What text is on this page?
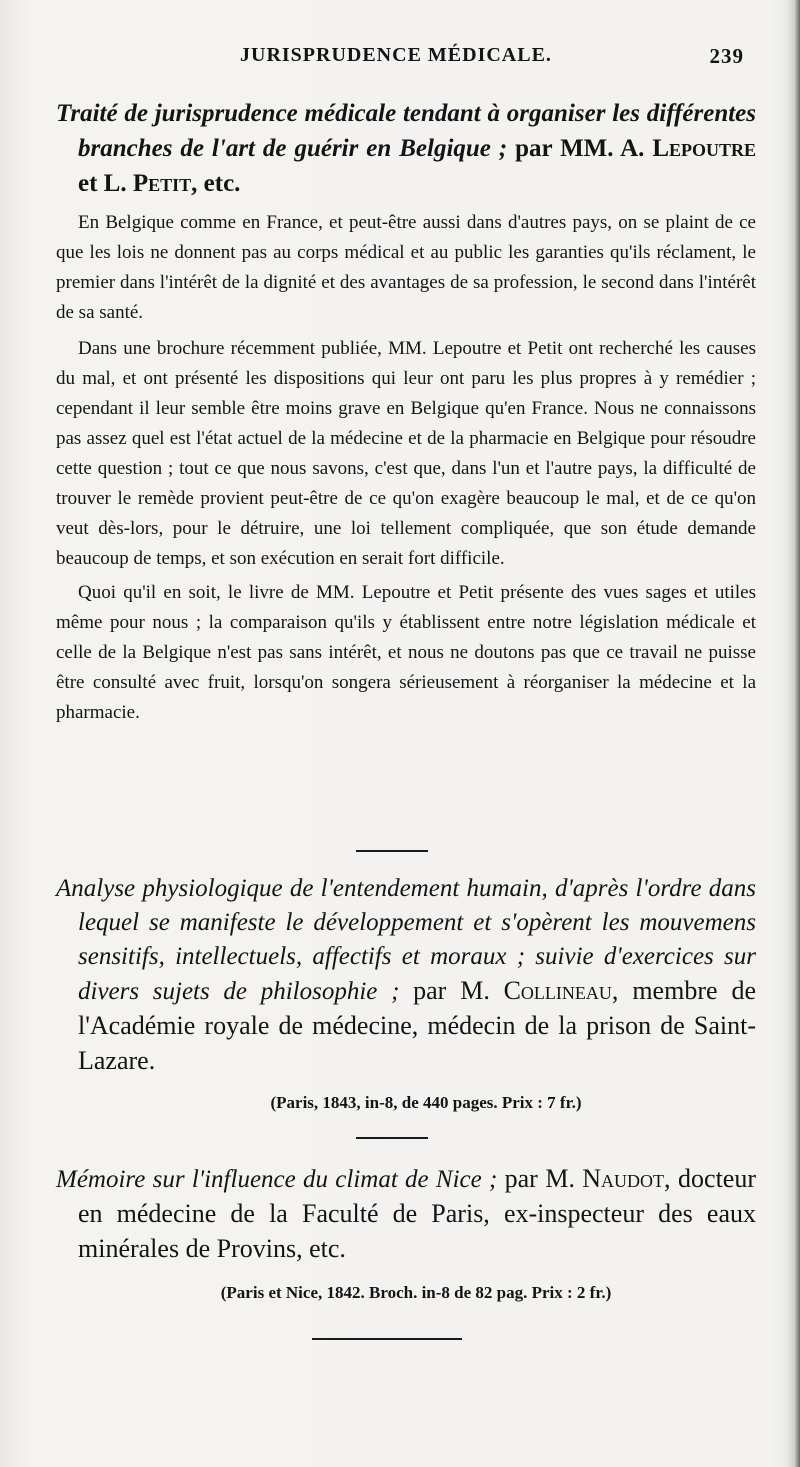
JURISPRUDENCE MÉDICALE.	239

Traité de jurisprudence médicale tendant à organiser les différentes branches de l'art de guérir en Belgique ; par MM. A. Lepoutre et L. Petit, etc.

En Belgique comme en France, et peut-être aussi dans d'autres pays, on se plaint de ce que les lois ne donnent pas au corps médical et au public les garanties qu'ils réclament, le premier dans l'intérêt de la dignité et des avantages de sa profession, le second dans l'intérêt de sa santé.

Dans une brochure récemment publiée, MM. Lepoutre et Petit ont recherché les causes du mal, et ont présenté les dispositions qui leur ont paru les plus propres à y remédier ; cependant il leur semble être moins grave en Belgique qu'en France. Nous ne connaissons pas assez quel est l'état actuel de la médecine et de la pharmacie en Belgique pour résoudre cette question ; tout ce que nous savons, c'est que, dans l'un et l'autre pays, la difficulté de trouver le remède provient peut-être de ce qu'on exagère beaucoup le mal, et de ce qu'on veut dès-lors, pour le détruire, une loi tellement compliquée, que son étude demande beaucoup de temps, et son exécution en serait fort difficile.

Quoi qu'il en soit, le livre de MM. Lepoutre et Petit présente des vues sages et utiles même pour nous ; la comparaison qu'ils y établissent entre notre législation médicale et celle de la Belgique n'est pas sans intérêt, et nous ne doutons pas que ce travail ne puisse être consulté avec fruit, lorsqu'on songera sérieusement à réorganiser la médecine et la pharmacie.

Analyse physiologique de l'entendement humain, d'après l'ordre dans lequel se manifeste le développement et s'opèrent les mouvemens sensitifs, intellectuels, affectifs et moraux ; suivie d'exercices sur divers sujets de philosophie ; par M. Collineau, membre de l'Académie royale de médecine, médecin de la prison de Saint-Lazare.

(Paris, 1843, in-8, de 440 pages. Prix : 7 fr.)

Mémoire sur l'influence du climat de Nice ; par M. Naudot, docteur en médecine de la Faculté de Paris, ex-inspecteur des eaux minérales de Provins, etc.

(Paris et Nice, 1842. Broch. in-8 de 82 pag. Prix : 2 fr.)
